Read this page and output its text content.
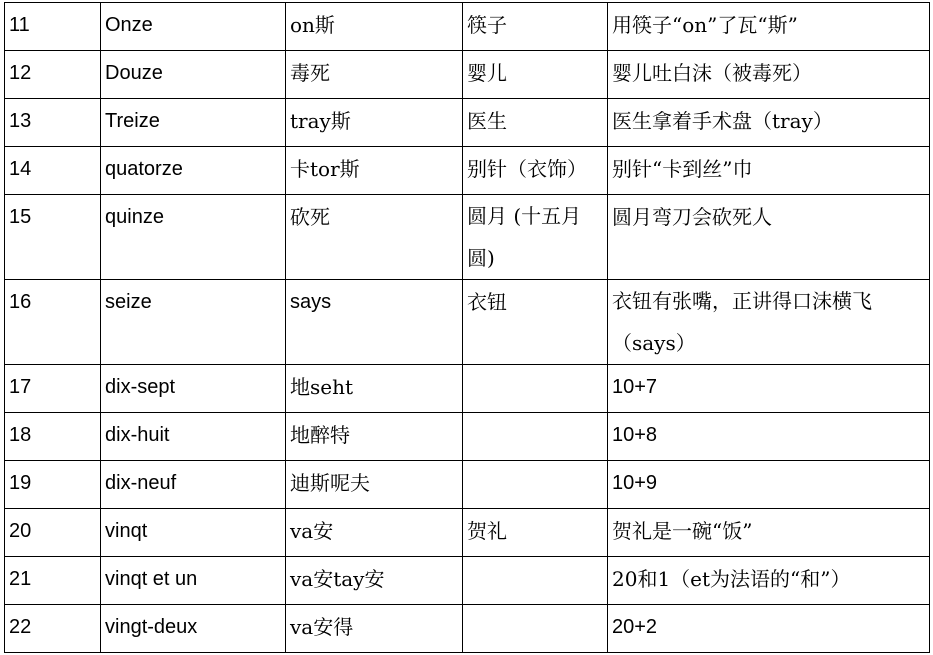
11	Onze	on斯	筷子	用筷子“on”了瓦“斯”
12	Douze	毒死	婴儿	婴儿吐白沫（被毒死）
13	Treize	tray斯	医生	医生拿着手术盘（tray）
14	quatorze	卡tor斯	别针（衣饰）	别针“卡到丝”巾
15	quinze	砍死	圆月 (十五月圆)	圆月弯刀会砍死人
16	seize	says	衣钮	衣钮有张嘴，正讲得口沫横飞（says）
17	dix-sept	地seht		10+7
18	dix-huit	地醉特		10+8
19	dix-neuf	迪斯呢夫		10+9
20	vinqt	va安	贺礼	贺礼是一碗“饭”
21	vinqt et un	va安tay安		20和1（et为法语的“和”）
22	vingt-deux	va安得		20+2
